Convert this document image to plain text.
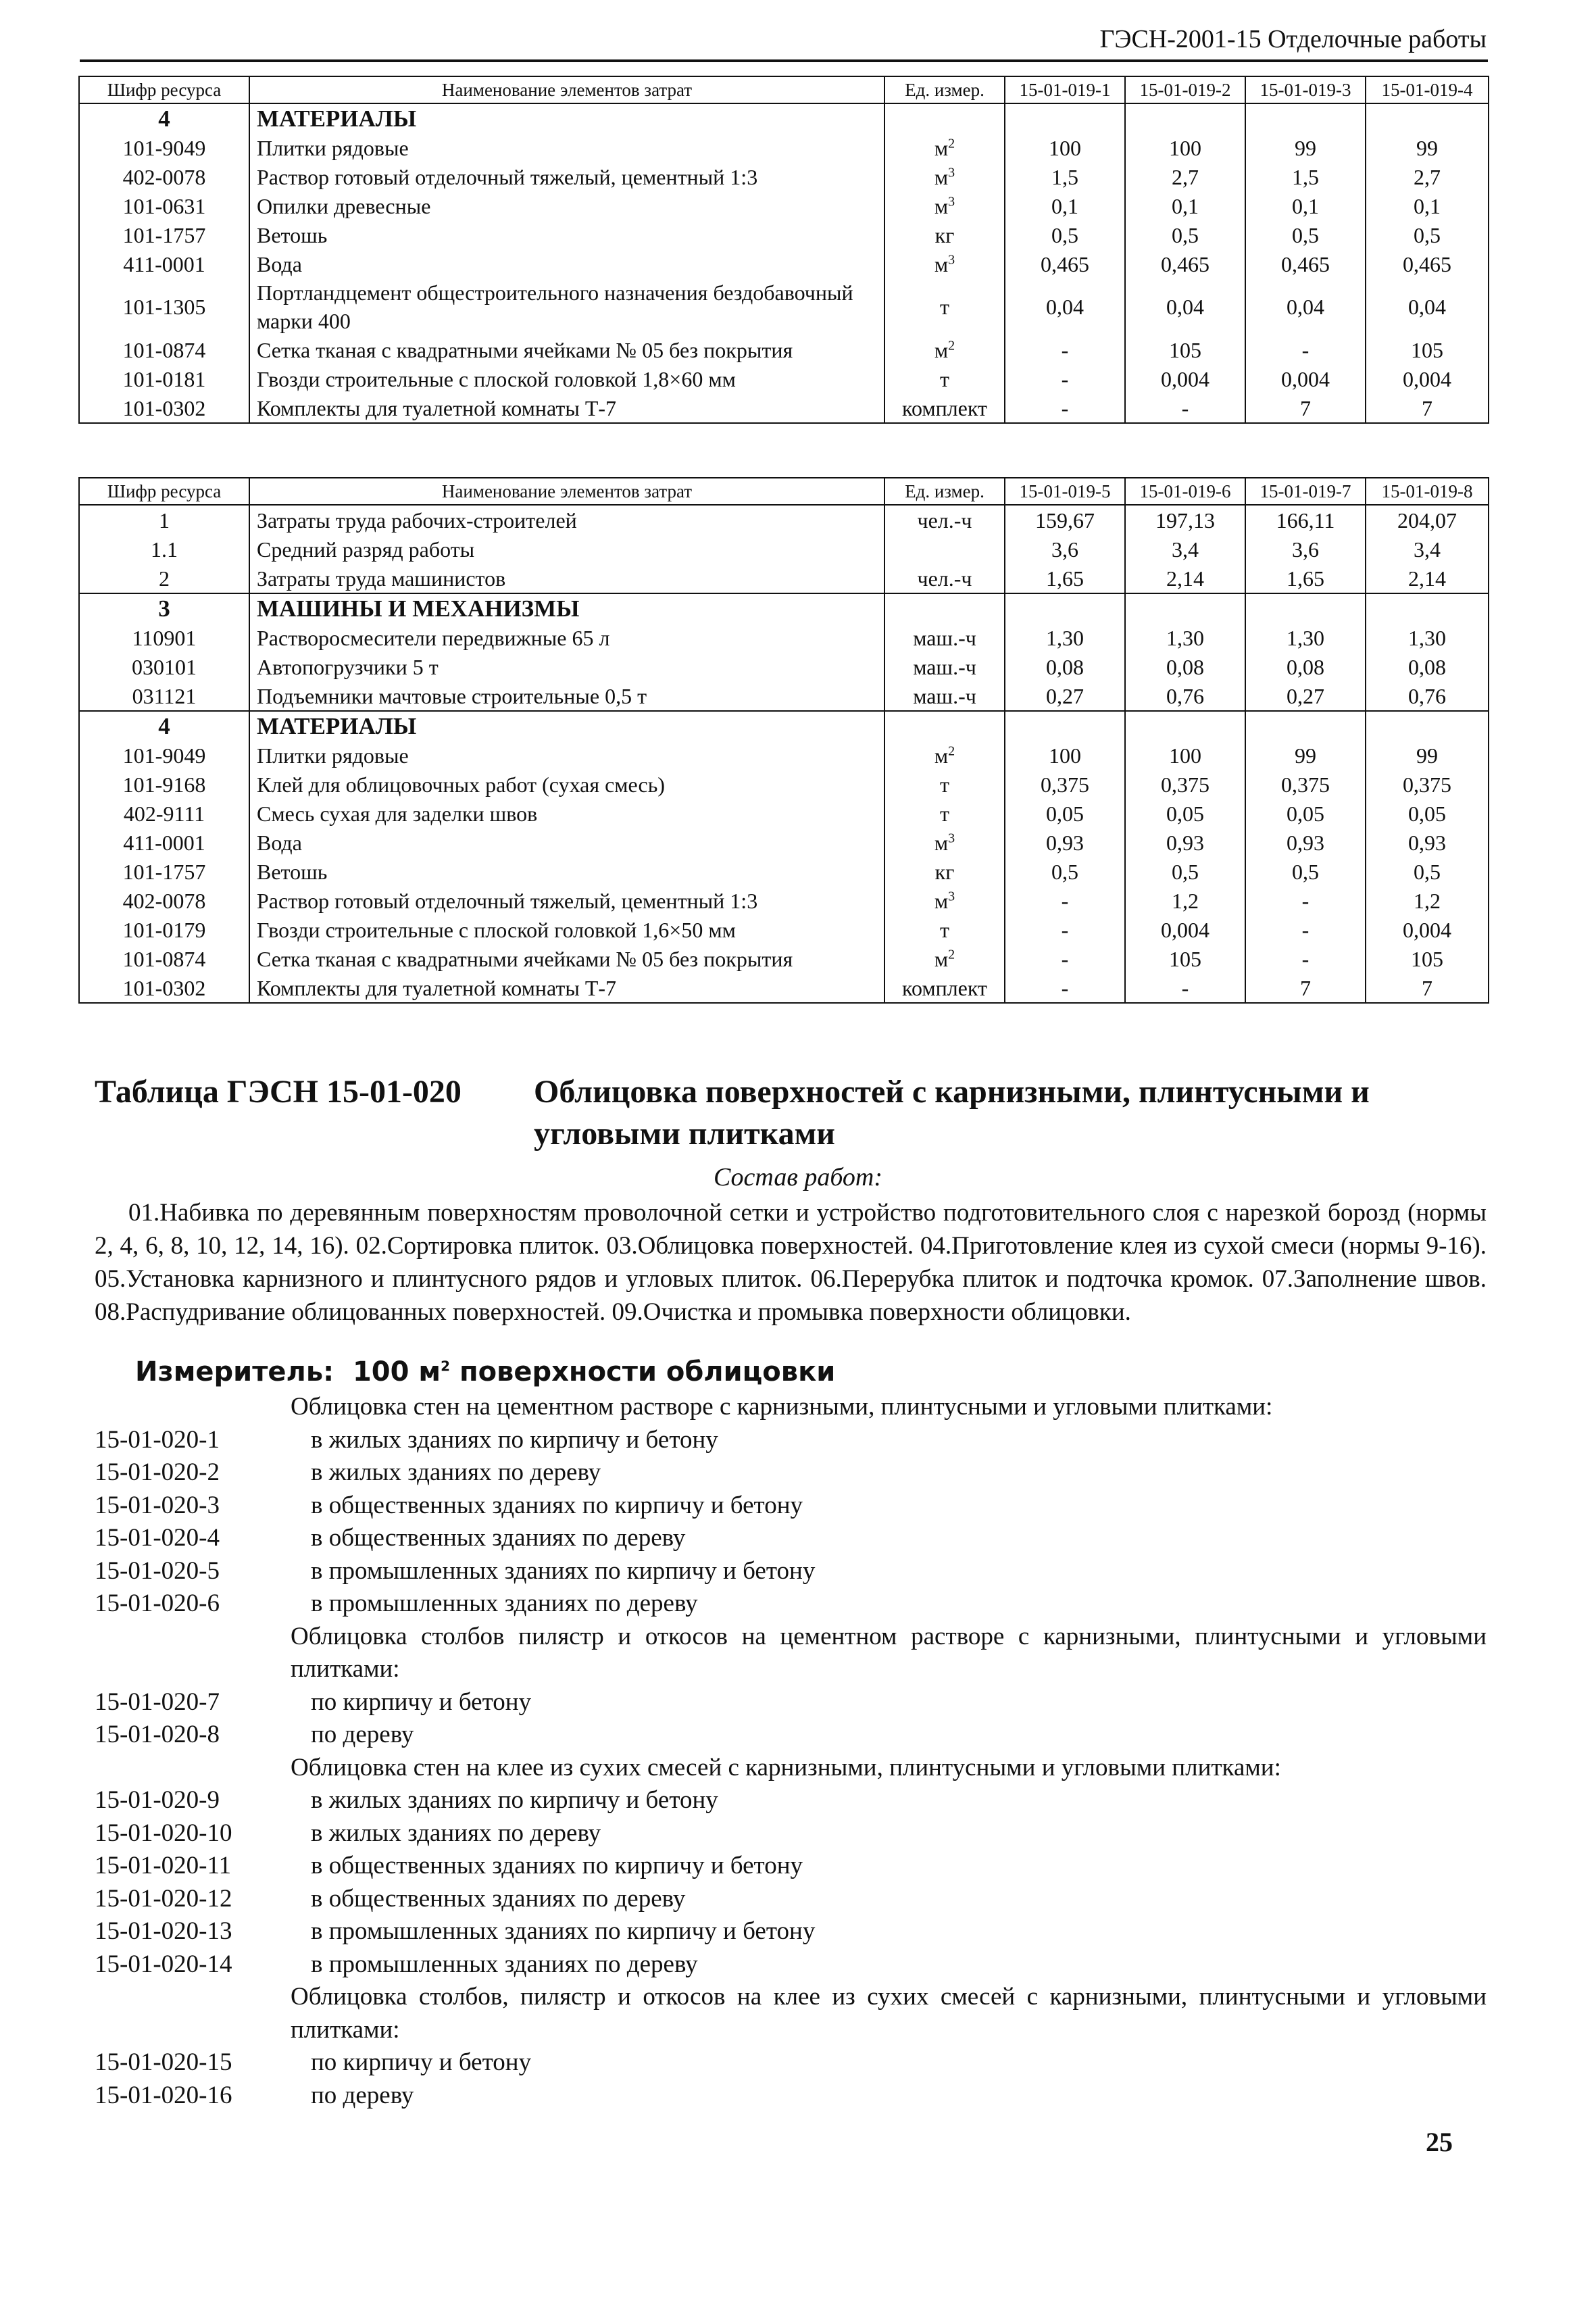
ГЭСН-2001-15 Отделочные работы
Шифр ресурса	Наименование элементов затрат	Ед. измер.	15-01-019-1	15-01-019-2	15-01-019-3	15-01-019-4
4	МАТЕРИАЛЫ					
101-9049	Плитки рядовые	$м^2$	100	100	99	99
402-0078	Раствор готовый отделочный тяжелый, цементный 1:3	$м^3$	1,5	2,7	1,5	2,7
101-0631	Опилки древесные	$м^3$	0,1	0,1	0,1	0,1
101-1757	Ветошь	кг	0,5	0,5	0,5	0,5
411-0001	Вода	$м^3$	0,465	0,465	0,465	0,465
101-1305	Портландцемент общестроительного назначения бездобавочный марки 400	т	0,04	0,04	0,04	0,04
101-0874	Сетка тканая с квадратными ячейками № 05 без покрытия	$м^2$	-	105	-	105
101-0181	Гвозди строительные с плоской головкой 1,8×60 мм	т	-	0,004	0,004	0,004
101-0302	Комплекты для туалетной комнаты Т-7	комплект	-	-	7	7
Шифр ресурса	Наименование элементов затрат	Ед. измер.	15-01-019-5	15-01-019-6	15-01-019-7	15-01-019-8
1	Затраты труда рабочих-строителей	чел.-ч	159,67	197,13	166,11	204,07
1.1	Средний разряд работы		3,6	3,4	3,6	3,4
2	Затраты труда машинистов	чел.-ч	1,65	2,14	1,65	2,14
3	МАШИНЫ И МЕХАНИЗМЫ					
110901	Растворосмесители передвижные 65 л	маш.-ч	1,30	1,30	1,30	1,30
030101	Автопогрузчики 5 т	маш.-ч	0,08	0,08	0,08	0,08
031121	Подъемники мачтовые строительные 0,5 т	маш.-ч	0,27	0,76	0,27	0,76
4	МАТЕРИАЛЫ					
101-9049	Плитки рядовые	$м^2$	100	100	99	99
101-9168	Клей для облицовочных работ (сухая смесь)	т	0,375	0,375	0,375	0,375
402-9111	Смесь сухая для заделки швов	т	0,05	0,05	0,05	0,05
411-0001	Вода	$м^3$	0,93	0,93	0,93	0,93
101-1757	Ветошь	кг	0,5	0,5	0,5	0,5
402-0078	Раствор готовый отделочный тяжелый, цементный 1:3	$м^3$	-	1,2	-	1,2
101-0179	Гвозди строительные с плоской головкой 1,6×50 мм	т	-	0,004	-	0,004
101-0874	Сетка тканая с квадратными ячейками № 05 без покрытия	$м^2$	-	105	-	105
101-0302	Комплекты для туалетной комнаты Т-7	комплект	-	-	7	7
Таблица ГЭСН 15-01-020 Облицовка поверхностей с карнизными, плинтусными и
угловыми плитками
Состав работ:
01.Набивка по деревянным поверхностям проволочной сетки и устройство подготовительного слоя с нарезкой борозд (нормы 2, 4, 6, 8, 10, 12, 14, 16). 02.Сортировка плиток. 03.Облицовка поверхностей. 04.Приготовление клея из сухой смеси (нормы 9-16). 05.Установка карнизного и плинтусного рядов и угловых плиток. 06.Перерубка плиток и подточка кромок. 07.Заполнение швов. 08.Распудривание облицованных поверхностей. 09.Очистка и промывка поверхности облицовки.
Измеритель: 100 $м^2$ поверхности облицовки
Облицовка стен на цементном растворе с карнизными, плинтусными и угловыми плитками:
15-01-020-1	в жилых зданиях по кирпичу и бетону
15-01-020-2	в жилых зданиях по дереву
15-01-020-3	в общественных зданиях по кирпичу и бетону
15-01-020-4	в общественных зданиях по дереву
15-01-020-5	в промышленных зданиях по кирпичу и бетону
15-01-020-6	в промышленных зданиях по дереву
Облицовка столбов пилястр и откосов на цементном растворе с карнизными, плинтусными и угловыми плитками:
15-01-020-7	по кирпичу и бетону
15-01-020-8	по дереву
Облицовка стен на клее из сухих смесей с карнизными, плинтусными и угловыми плитками:
15-01-020-9	в жилых зданиях по кирпичу и бетону
15-01-020-10	в жилых зданиях по дереву
15-01-020-11	в общественных зданиях по кирпичу и бетону
15-01-020-12	в общественных зданиях по дереву
15-01-020-13	в промышленных зданиях по кирпичу и бетону
15-01-020-14	в промышленных зданиях по дереву
Облицовка столбов, пилястр и откосов на клее из сухих смесей с карнизными, плинтусными и угловыми плитками:
15-01-020-15	по кирпичу и бетону
15-01-020-16	по дереву
25
